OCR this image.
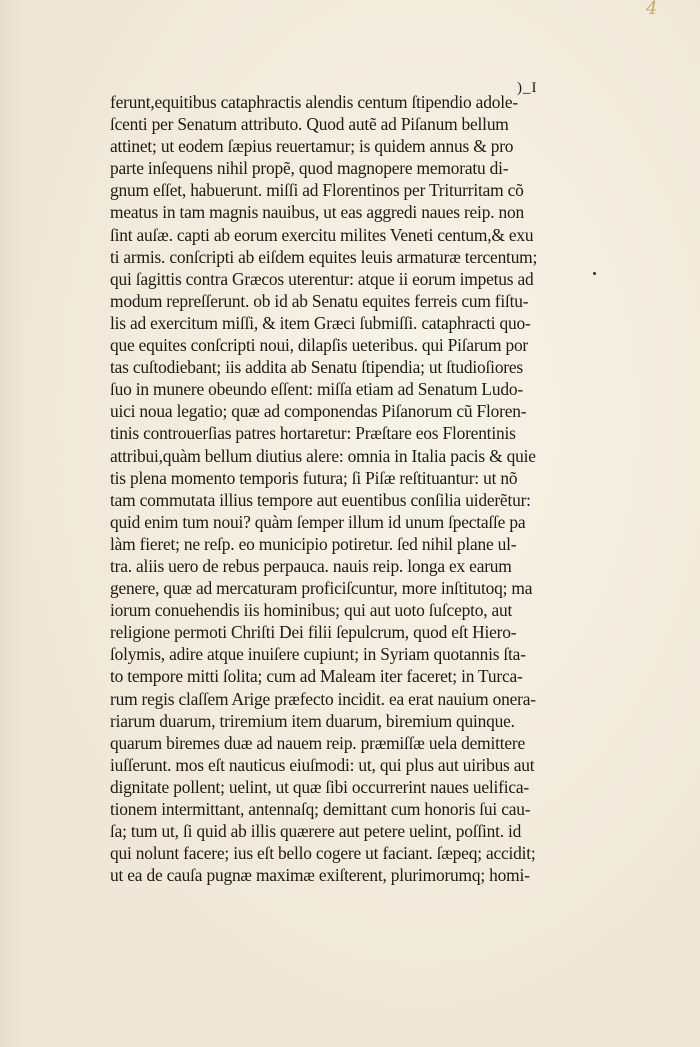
4
)_I
ferunt,equitibus cataphractis alendis centum ſtipendio adole-
ſcenti per Senatum attributo. Quod autẽ ad Piſanum bellum
attinet; ut eodem ſæpius reuertamur; is quidem annus & pro
parte inſequens nihil propẽ, quod magnopere memoratu di-
gnum eſſet, habuerunt. miſſi ad Florentinos per Triturritam cõ
meatus in tam magnis nauibus, ut eas aggredi naues reip. non
ſint auſæ. capti ab eorum exercitu milites Veneti centum,& exu
ti armis. conſcripti ab eiſdem equites leuis armaturæ tercentum;
qui ſagittis contra Græcos uterentur: atque ii eorum impetus ad
modum repreſſerunt. ob id ab Senatu equites ferreis cum fiſtu-
lis ad exercitum miſſi, & item Græci ſubmiſſi. cataphracti quo-
que equites conſcripti noui, dilapſis ueteribus. qui Piſarum por
tas cuſtodiebant; iis addita ab Senatu ſtipendia; ut ſtudioſiores
ſuo in munere obeundo eſſent: miſſa etiam ad Senatum Ludo-
uici noua legatio; quæ ad componendas Piſanorum cũ Floren-
tinis controuerſias patres hortaretur: Præſtare eos Florentinis
attribui,quàm bellum diutius alere: omnia in Italia pacis & quie
tis plena momento temporis futura; ſi Piſæ reſtituantur: ut nõ
tam commutata illius tempore aut euentibus conſilia uiderẽtur:
quid enim tum noui? quàm ſemper illum id unum ſpectaſſe pa
làm fieret; ne reſp. eo municipio potiretur. ſed nihil plane ul-
tra. aliis uero de rebus perpauca. nauis reip. longa ex earum
genere, quæ ad mercaturam proficiſcuntur, more inſtitutoq; ma
iorum conuehendis iis hominibus; qui aut uoto ſuſcepto, aut
religione permoti Chriſti Dei filii ſepulcrum, quod eſt Hiero-
ſolymis, adire atque inuiſere cupiunt; in Syriam quotannis ſta-
to tempore mitti ſolita; cum ad Maleam iter faceret; in Turca-
rum regis claſſem Arige præfecto incidit. ea erat nauium onera-
riarum duarum, triremium item duarum, biremium quinque.
quarum biremes duæ ad nauem reip. præmiſſæ uela demittere
iuſſerunt. mos eſt nauticus eiuſmodi: ut, qui plus aut uiribus aut
dignitate pollent; uelint, ut quæ ſibi occurrerint naues uelifica-
tionem intermittant, antennaſq; demittant cum honoris ſui cau-
ſa; tum ut, ſi quid ab illis quærere aut petere uelint, poſſint. id
qui nolunt facere; ius eſt bello cogere ut faciant. ſæpeq; accidit;
ut ea de cauſa pugnæ maximæ exiſterent, plurimorumq; homi-
